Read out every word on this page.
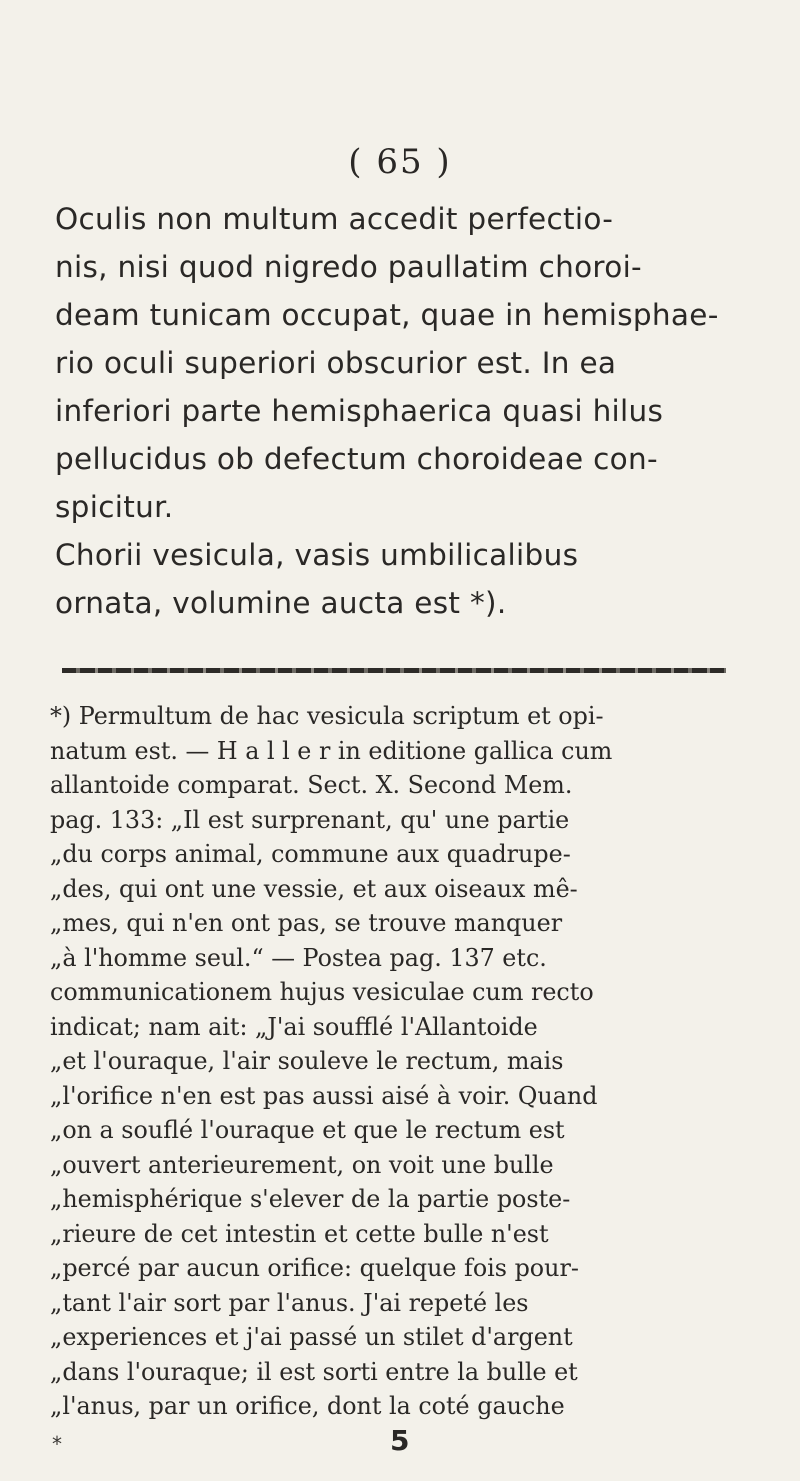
( 65 )
Oculis non multum accedit perfectio-
nis, nisi quod nigredo paullatim choroi-
deam tunicam occupat, quae in hemisphae-
rio oculi superiori obscurior est. In ea
inferiori parte hemisphaerica quasi hilus
pellucidus ob defectum choroideae con-
spicitur.
Chorii vesicula, vasis umbilicalibus
ornata, volumine aucta est *).
*) Permultum de hac vesicula scriptum et opi-
natum est. — H a l l e r in editione gallica cum
allantoide comparat. Sect. X. Second Mem.
pag. 133: „Il est surprenant, qu' une partie
„du corps animal, commune aux quadrupe-
„des, qui ont une vessie, et aux oiseaux mê-
„mes, qui n'en ont pas, se trouve manquer
„à l'homme seul.“ — Postea pag. 137 etc.
communicationem hujus vesiculae cum recto
indicat; nam ait: „J'ai soufflé l'Allantoide
„et l'ouraque, l'air souleve le rectum, mais
„l'orifice n'en est pas aussi aisé à voir. Quand
„on a souflé l'ouraque et que le rectum est
„ouvert anterieurement, on voit une bulle
„hemisphérique s'elever de la partie poste-
„rieure de cet intestin et cette bulle n'est
„percé par aucun orifice: quelque fois pour-
„tant l'air sort par l'anus. J'ai repeté les
„experiences et j'ai passé un stilet d'argent
„dans l'ouraque; il est sorti entre la bulle et
„l'anus, par un orifice, dont la coté gauche
5
*
